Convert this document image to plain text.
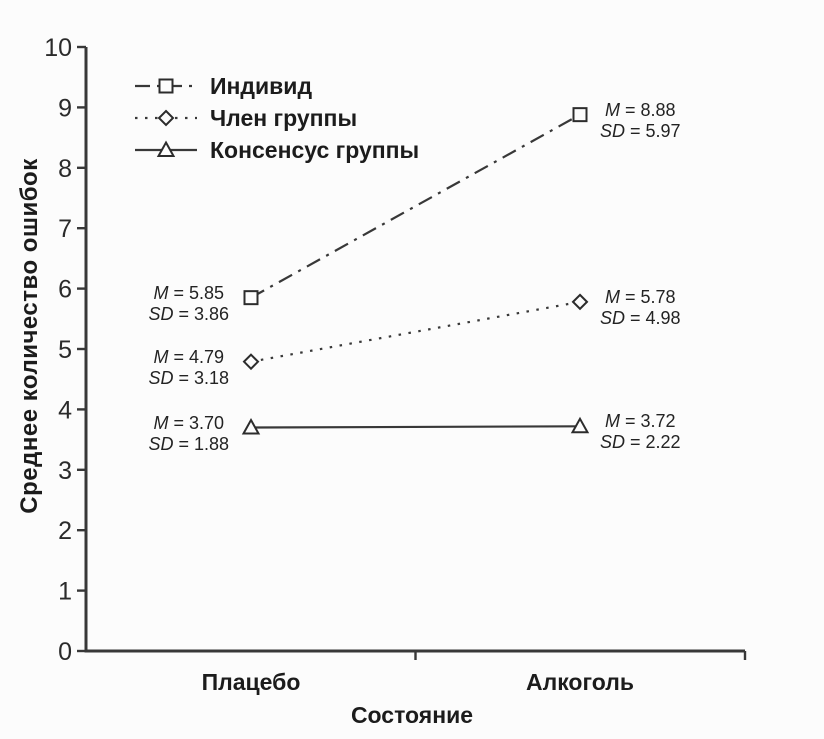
0
1
2
3
4
5
6
7
8
9
10
Плацебо	Алкоголь
Среднее количество ошибок
Состояние
Индивид
Член группы
Консенсус группы
M = 5.85
SD = 3.86
M = 8.88
SD = 5.97
M = 4.79
SD = 3.18
M = 5.78
SD = 4.98
M = 3.70
SD = 1.88
M = 3.72
SD = 2.22
